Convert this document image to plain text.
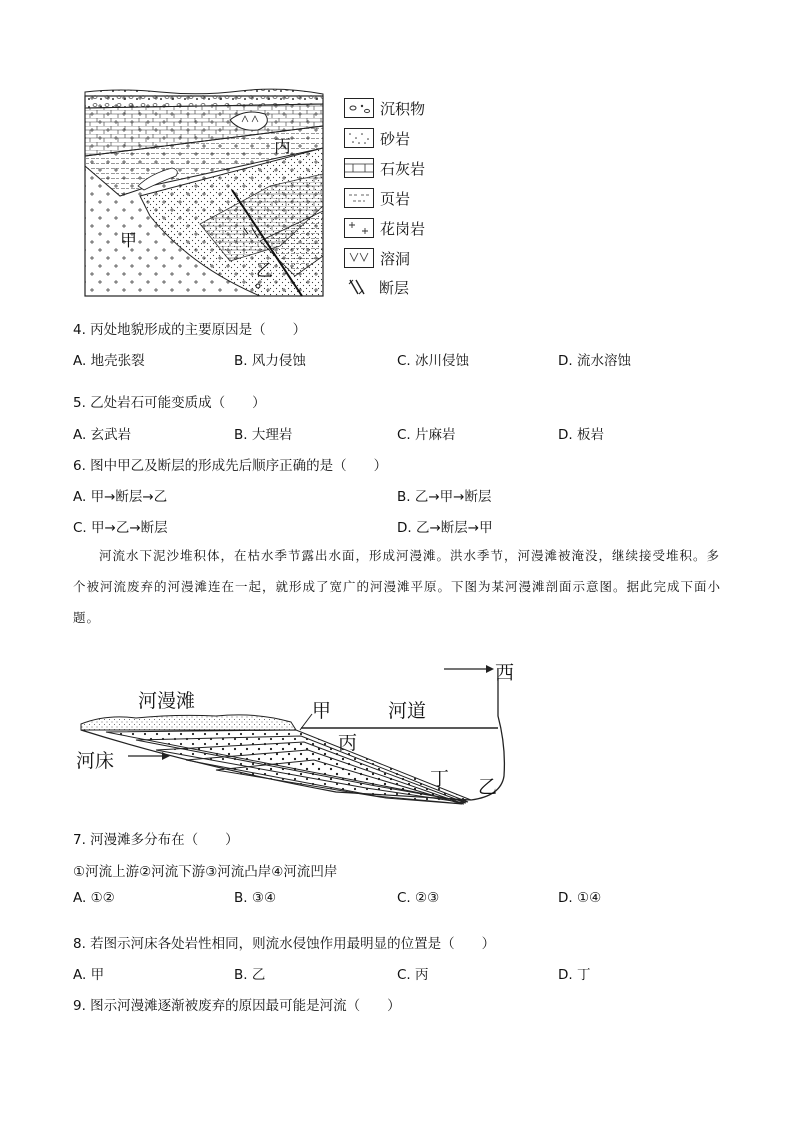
丙
甲
乙
沉积物
砂岩
石灰岩
页岩
花岗岩
溶洞
断层
4. 丙处地貌形成的主要原因是（　　）
A. 地壳张裂	B. 风力侵蚀	C. 冰川侵蚀	D. 流水溶蚀
5. 乙处岩石可能变质成（　　）
A. 玄武岩	B. 大理岩	C. 片麻岩	D. 板岩
6. 图中甲乙及断层的形成先后顺序正确的是（　　）
A. 甲→断层→乙	B. 乙→甲→断层
C. 甲→乙→断层	D. 乙→断层→甲
河流水下泥沙堆积体，在枯水季节露出水面，形成河漫滩。洪水季节，河漫滩被淹没，继续接受堆积。多个被河流废弃的河漫滩连在一起，就形成了宽广的河漫滩平原。下图为某河漫滩剖面示意图。据此完成下面小题。
河漫滩
河床
河道
西
甲
丙
丁 乙
7. 河漫滩多分布在（　　）
①河流上游②河流下游③河流凸岸④河流凹岸
A. ①②	B. ③④	C. ②③	D. ①④
8. 若图示河床各处岩性相同，则流水侵蚀作用最明显的位置是（　　）
A. 甲	B. 乙	C. 丙	D. 丁
9. 图示河漫滩逐渐被废弃的原因最可能是河流（　　）
